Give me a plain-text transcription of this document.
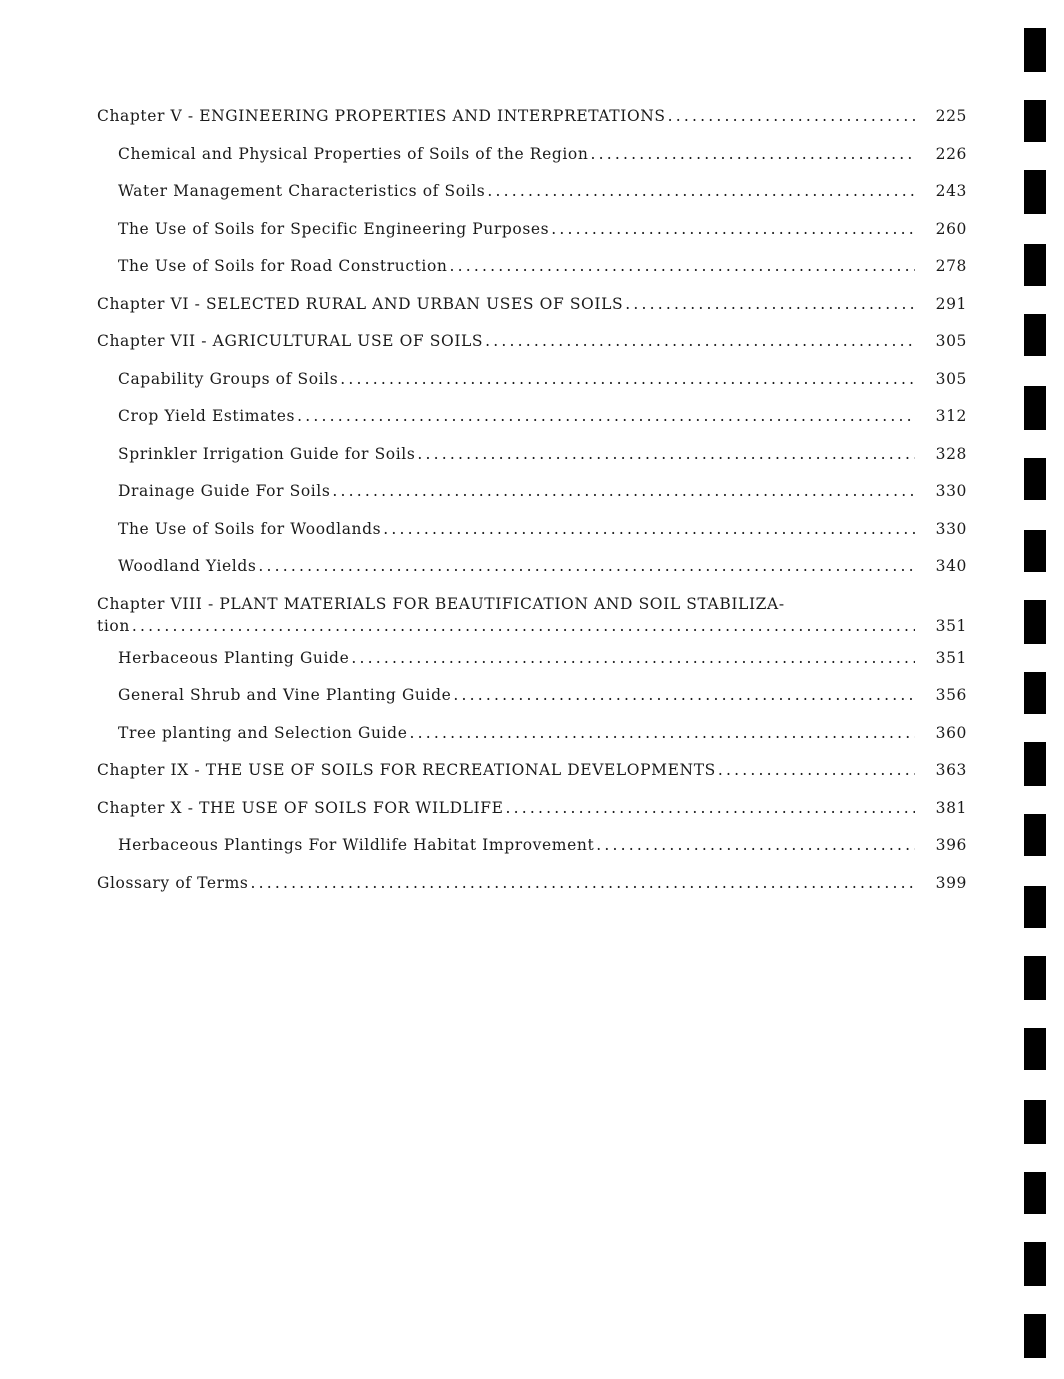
Chapter V - ENGINEERING PROPERTIES AND INTERPRETATIONS .....	225
Chemical and Physical Properties of Soils of the Region .....	226
Water Management Characteristics of Soils .....	243
The Use of Soils for Specific Engineering Purposes .....	260
The Use of Soils for Road Construction .....	278
Chapter VI - SELECTED RURAL AND URBAN USES OF SOILS .....	291
Chapter VII - AGRICULTURAL USE OF SOILS .....	305
Capability Groups of Soils .....	305
Crop Yield Estimates .....	312
Sprinkler Irrigation Guide for Soils .....	328
Drainage Guide For Soils .....	330
The Use of Soils for Woodlands .....	330
Woodland Yields .....	340
Chapter VIII - PLANT MATERIALS FOR BEAUTIFICATION AND SOIL STABILIZA-
tion .....	351
Herbaceous Planting Guide .....	351
General Shrub and Vine Planting Guide .....	356
Tree planting and Selection Guide .....	360
Chapter IX - THE USE OF SOILS FOR RECREATIONAL DEVELOPMENTS .....	363
Chapter X - THE USE OF SOILS FOR WILDLIFE .....	381
Herbaceous Plantings For Wildlife Habitat Improvement .....	396
Glossary of Terms .....	399
